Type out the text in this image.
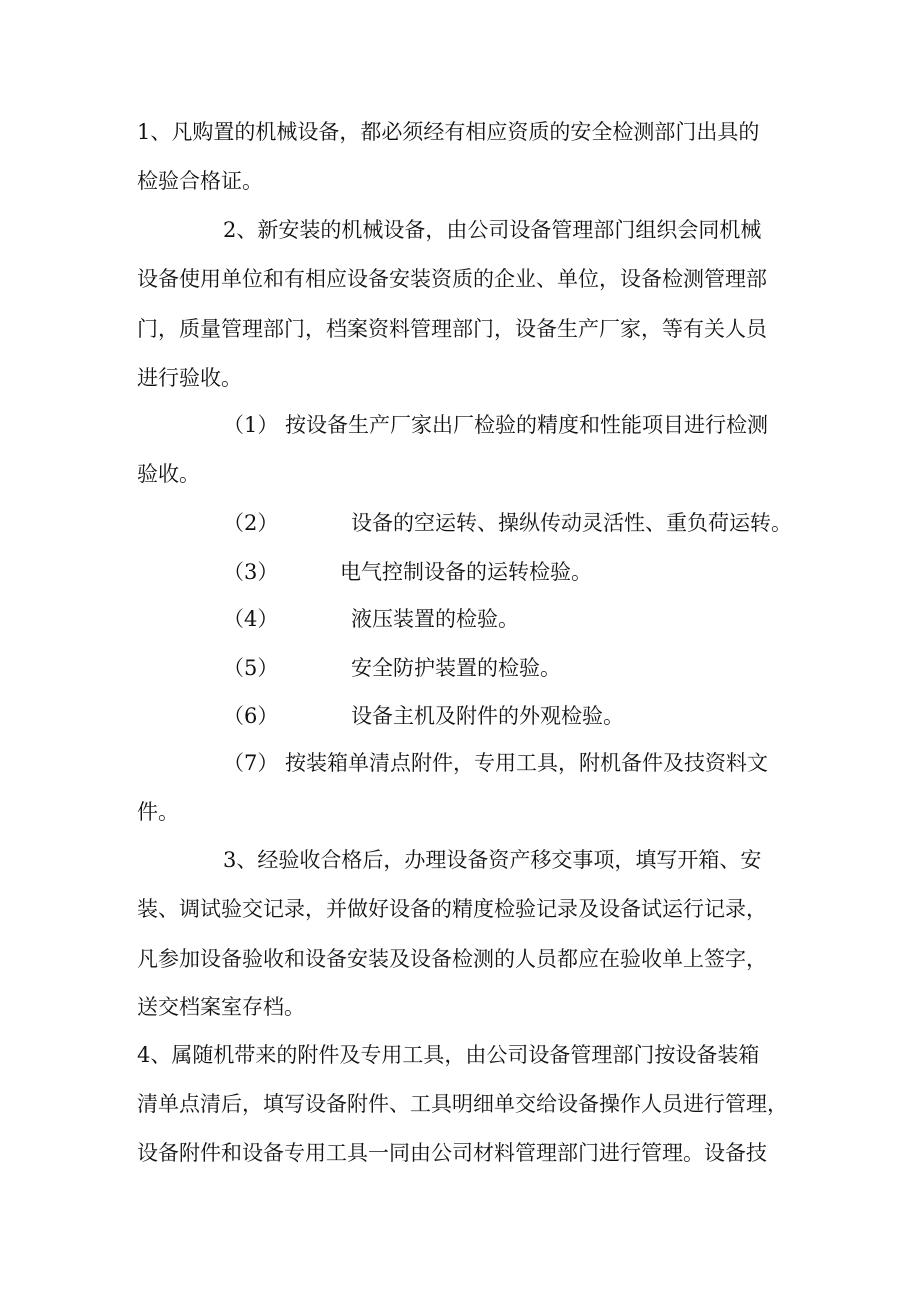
1、凡购置的机械设备，都必须经有相应资质的安全检测部门出具的
检验合格证。
2、新安装的机械设备，由公司设备管理部门组织会同机械
设备使用单位和有相应设备安装资质的企业、单位，设备检测管理部
门，质量管理部门，档案资料管理部门，设备生产厂家，等有关人员
进行验收。
（1） 按设备生产厂家出厂检验的精度和性能项目进行检测
验收。
（2）	设备的空运转、操纵传动灵活性、重负荷运转。
（3）	电气控制设备的运转检验。
（4）	液压装置的检验。
（5）	安全防护装置的检验。
（6）	设备主机及附件的外观检验。
（7） 按装箱单清点附件，专用工具，附机备件及技资料文
件。
3、经验收合格后，办理设备资产移交事项，填写开箱、安
装、调试验交记录，并做好设备的精度检验记录及设备试运行记录，
凡参加设备验收和设备安装及设备检测的人员都应在验收单上签字，
送交档案室存档。
4、属随机带来的附件及专用工具，由公司设备管理部门按设备装箱
清单点清后，填写设备附件、工具明细单交给设备操作人员进行管理，
设备附件和设备专用工具一同由公司材料管理部门进行管理。设备技
